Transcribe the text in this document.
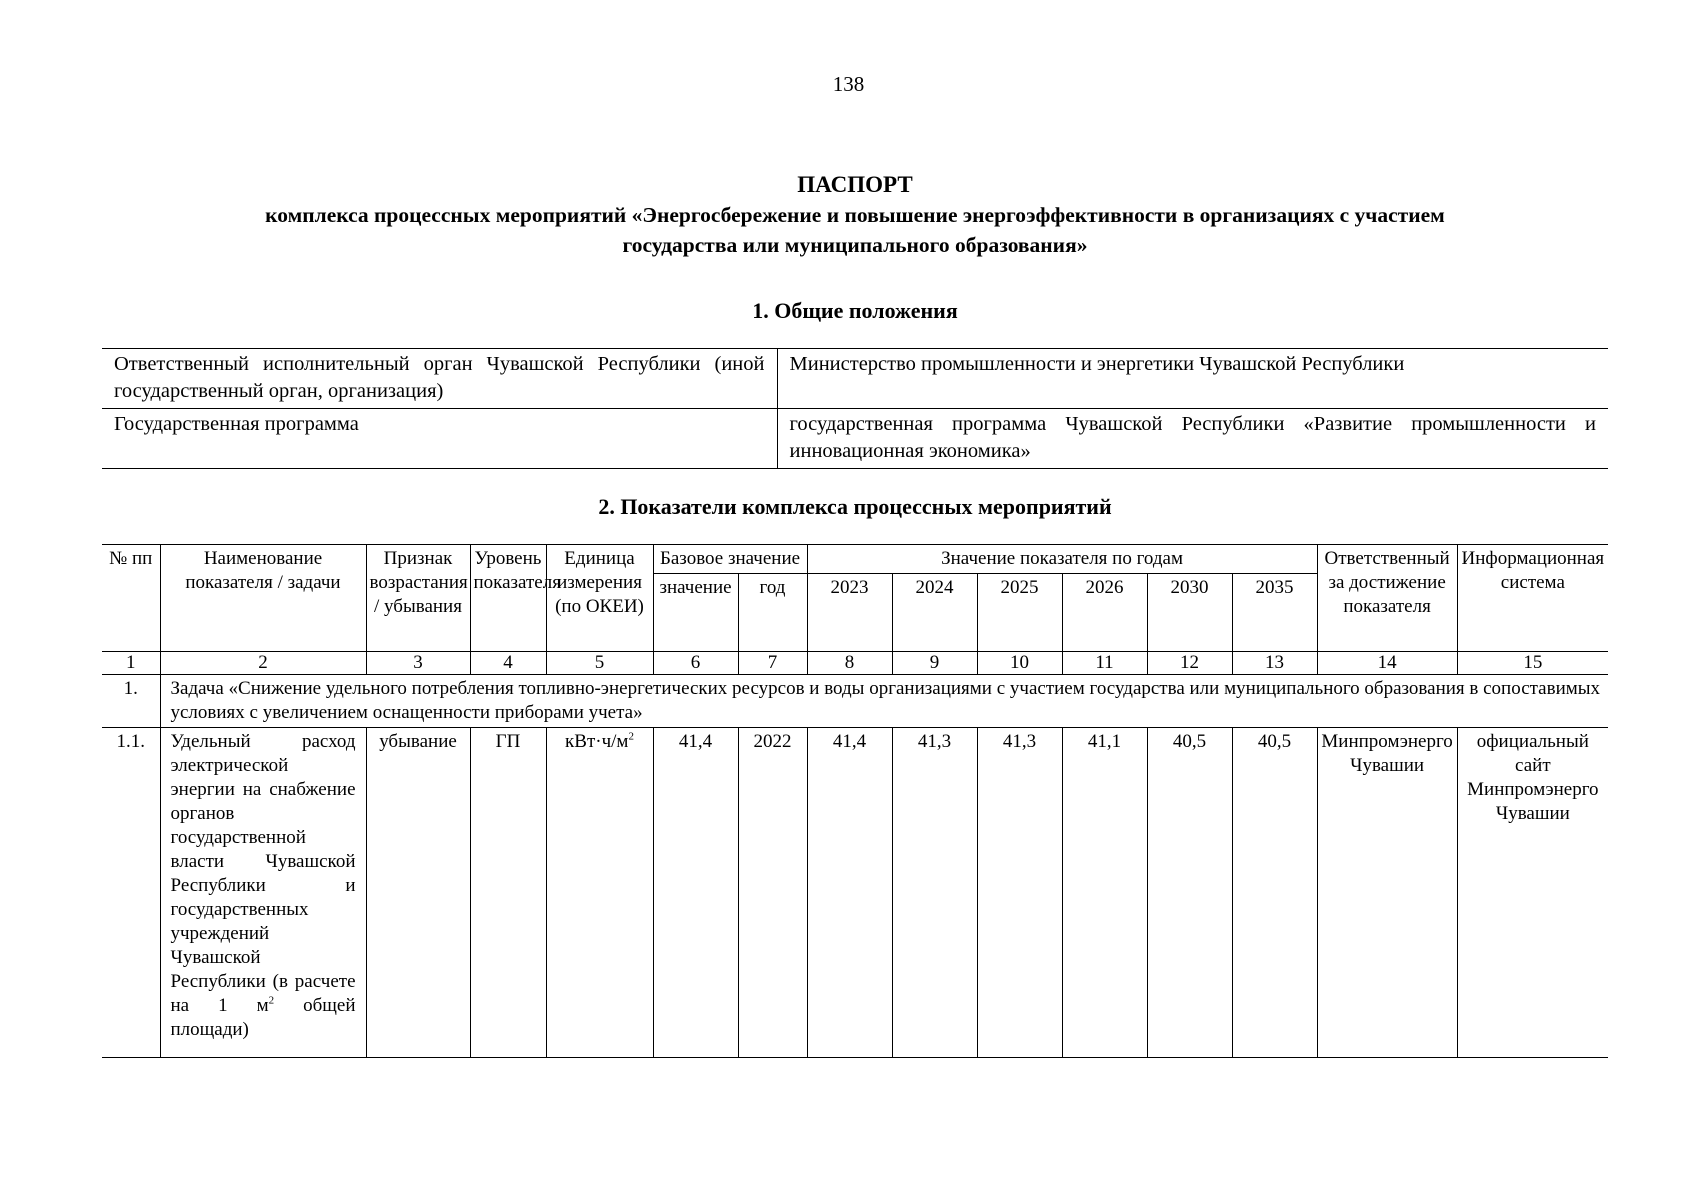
138
ПАСПОРТ
комплекса процессных мероприятий «Энергосбережение и повышение энергоэффективности в организациях с участием
государства или муниципального образования»
1. Общие положения
Ответственный исполнительный орган Чувашской Республики (иной государственный орган, организация)	Министерство промышленности и энергетики Чувашской Республики
Государственная программа	государственная программа Чувашской Республики «Развитие промышленности и инновационная экономика»
2. Показатели комплекса процессных мероприятий
№ пп	Наименование показателя / задачи	Признак возрастания / убывания	Уровень показателя	Единица измерения (по ОКЕИ)	Базовое значение		Значение показателя по годам						Ответственный за достижение показателя	Информационная система
					значение	год	2023	2024	2025	2026	2030	2035		
1	2	3	4	5	6	7	8	9	10	11	12	13	14	15
1.	Задача «Снижение удельного потребления топливно-энергетических ресурсов и воды организациями с участием государства или муниципального образования в сопоставимых условиях с увеличением оснащенности приборами учета»													
1.1.	Удельный расход электрической энергии на снабжение органов государственной власти Чувашской Республики и государственных учреждений Чувашской Республики (в расчете на 1 $м^2$ общей площади)	убывание	ГП	$кВт\cdot ч/м^2$	41,4	2022	41,4	41,3	41,3	41,1	40,5	40,5	Минпромэнерго Чувашии	официальный сайт Минпромэнерго Чувашии
